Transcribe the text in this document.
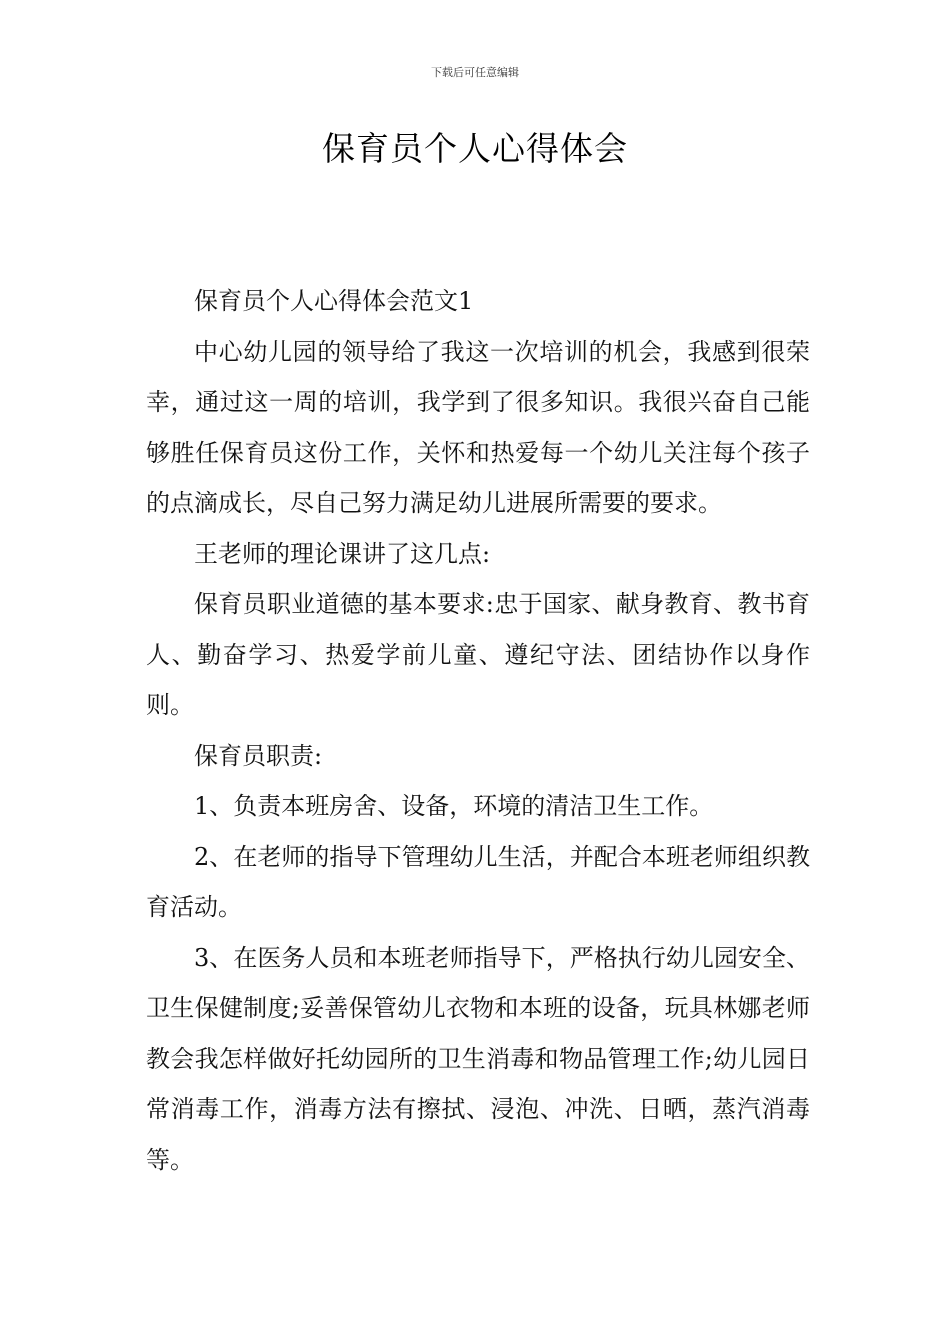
下载后可任意编辑
保育员个人心得体会

保育员个人心得体会范文1

中心幼儿园的领导给了我这一次培训的机会，我感到很荣幸，通过这一周的培训，我学到了很多知识。我很兴奋自己能够胜任保育员这份工作，关怀和热爱每一个幼儿关注每个孩子的点滴成长，尽自己努力满足幼儿进展所需要的要求。

王老师的理论课讲了这几点:

保育员职业道德的基本要求:忠于国家、献身教育、教书育人、勤奋学习、热爱学前儿童、遵纪守法、团结协作以身作则。

保育员职责:

1、负责本班房舍、设备，环境的清洁卫生工作。

2、在老师的指导下管理幼儿生活，并配合本班老师组织教育活动。

3、在医务人员和本班老师指导下，严格执行幼儿园安全、卫生保健制度;妥善保管幼儿衣物和本班的设备，玩具林娜老师教会我怎样做好托幼园所的卫生消毒和物品管理工作;幼儿园日常消毒工作，消毒方法有擦拭、浸泡、冲洗、日晒，蒸汽消毒等。
